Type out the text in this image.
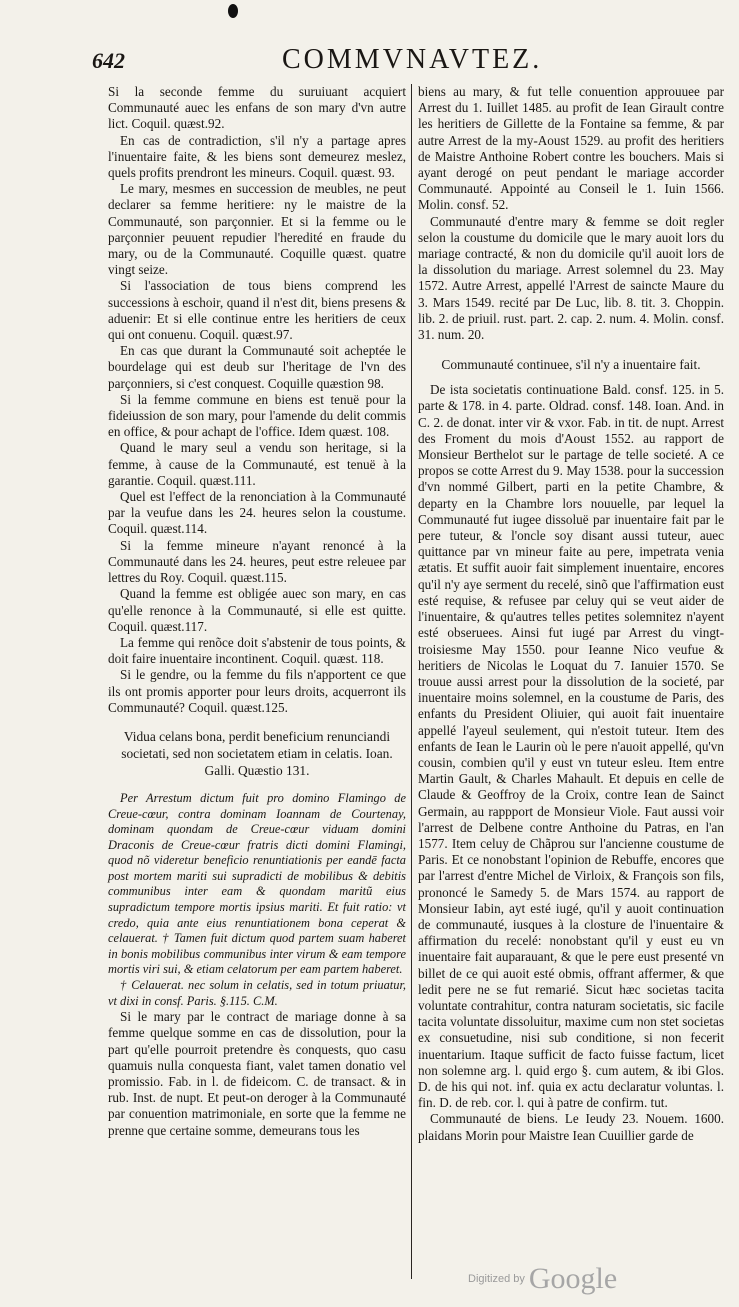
642	COMMVNAVTEZ.

Si la seconde femme du suruiuant acquiert Communauté auec les enfans de son mary d'vn autre lict. Coquil. quæst.92.

En cas de contradiction, s'il n'y a partage apres l'inuentaire faite, & les biens sont demeurez meslez, quels profits prendront les mineurs. Coquil. quæst. 93.

Le mary, mesmes en succession de meubles, ne peut declarer sa femme heritiere: ny le maistre de la Communauté, son parçonnier. Et si la femme ou le parçonnier peuuent repudier l'heredité en fraude du mary, ou de la Communauté. Coquille quæst. quatre vingt seize.

Si l'association de tous biens comprend les successions à eschoir, quand il n'est dit, biens presens & aduenir: Et si elle continue entre les heritiers de ceux qui ont conuenu. Coquil. quæst.97.

En cas que durant la Communauté soit acheptée le bourdelage qui est deub sur l'heritage de l'vn des parçonniers, si c'est conquest. Coquille quæstion 98.

Si la femme commune en biens est tenuë pour la fideiussion de son mary, pour l'amende du delit commis en office, & pour achapt de l'office. Idem quæst. 108.

Quand le mary seul a vendu son heritage, si la femme, à cause de la Communauté, est tenuë à la garantie. Coquil. quæst.111.

Quel est l'effect de la renonciation à la Communauté par la veufue dans les 24. heures selon la coustume. Coquil. quæst.114.

Si la femme mineure n'ayant renoncé à la Communauté dans les 24. heures, peut estre releuee par lettres du Roy. Coquil. quæst.115.

Quand la femme est obligée auec son mary, en cas qu'elle renonce à la Communauté, si elle est quitte. Coquil. quæst.117.

La femme qui renõce doit s'abstenir de tous points, & doit faire inuentaire incontinent. Coquil. quæst. 118.

Si le gendre, ou la femme du fils n'apportent ce que ils ont promis apporter pour leurs droits, acquerront ils Communauté? Coquil. quæst.125.

Vidua celans bona, perdit beneficium renunciandi societati, sed non societatem etiam in celatis. Ioan. Galli. Quæstio 131.

Per Arrestum dictum fuit pro domino Flamingo de Creue-cœur, contra dominam Ioannam de Courtenay, dominam quondam de Creue-cœur viduam domini Draconis de Creue-cœur fratris dicti domini Flamingi, quod nõ videretur beneficio renuntiationis per eandē facta post mortem mariti sui supradicti de mobilibus & debitis communibus inter eam & quondam maritũ eius supradictum tempore mortis ipsius mariti. Et fuit ratio: vt credo, quia ante eius renuntiationem bona ceperat & celauerat. † Tamen fuit dictum quod partem suam haberet in bonis mobilibus communibus inter virum & eam tempore mortis viri sui, & etiam celatorum per eam partem haberet.

† Celauerat. nec solum in celatis, sed in totum priuatur, vt dixi in consf. Paris. §.115. C.M.

Si le mary par le contract de mariage donne à sa femme quelque somme en cas de dissolution, pour la part qu'elle pourroit pretendre ès conquests, quo casu quamuis nulla conquesta fiant, valet tamen donatio vel promissio. Fab. in l. de fideicom. C. de transact. & in rub. Inst. de nupt. Et peut-on deroger à la Communauté par conuention matrimoniale, en sorte que la femme ne prenne que certaine somme, demeurans tous les

biens au mary, & fut telle conuention approuuee par Arrest du 1. Iuillet 1485. au profit de Iean Girault contre les heritiers de Gillette de la Fontaine sa femme, & par autre Arrest de la my-Aoust 1529. au profit des heritiers de Maistre Anthoine Robert contre les bouchers. Mais si ayant derogé on peut pendant le mariage accorder Communauté. Appointé au Conseil le 1. Iuin 1566. Molin. consf. 52.

Communauté d'entre mary & femme se doit regler selon la coustume du domicile que le mary auoit lors du mariage contracté, & non du domicile qu'il auoit lors de la dissolution du mariage. Arrest solemnel du 23. May 1572. Autre Arrest, appellé l'Arrest de saincte Maure du 3. Mars 1549. recité par De Luc, lib. 8. tit. 3. Choppin. lib. 2. de priuil. rust. part. 2. cap. 2. num. 4. Molin. consf. 31. num. 20.

Communauté continuee, s'il n'y a inuentaire fait.

De ista societatis continuatione Bald. consf. 125. in 5. parte & 178. in 4. parte. Oldrad. consf. 148. Ioan. And. in C. 2. de donat. inter vir & vxor. Fab. in tit. de nupt. Arrest des Froment du mois d'Aoust 1552. au rapport de Monsieur Berthelot sur le partage de telle societé. A ce propos se cotte Arrest du 9. May 1538. pour la succession d'vn nommé Gilbert, parti en la petite Chambre, & departy en la Chambre lors nouuelle, par lequel la Communauté fut iugee dissoluë par inuentaire fait par le pere tuteur, & l'oncle soy disant aussi tuteur, auec quittance par vn mineur faite au pere, impetrata venia ætatis. Et suffit auoir fait simplement inuentaire, encores qu'il n'y aye serment du recelé, sinõ que l'affirmation eust esté requise, & refusee par celuy qui se veut aider de l'inuentaire, & qu'autres telles petites solemnitez n'ayent esté obseruees. Ainsi fut iugé par Arrest du vingt-troisiesme May 1550. pour Ieanne Nico veufue & heritiers de Nicolas le Loquat du 7. Ianuier 1570. Se trouue aussi arrest pour la dissolution de la societé, par inuentaire moins solemnel, en la coustume de Paris, des enfants du President Oliuier, qui auoit fait inuentaire appellé l'ayeul seulement, qui n'estoit tuteur. Item des enfants de Iean le Laurin où le pere n'auoit appellé, qu'vn cousin, combien qu'il y eust vn tuteur esleu. Item entre Martin Gault, & Charles Mahault. Et depuis en celle de Claude & Geoffroy de la Croix, contre Iean de Sainct Germain, au rappport de Monsieur Viole. Faut aussi voir l'arrest de Delbene contre Anthoine du Patras, en l'an 1577. Item celuy de Chãprou sur l'ancienne coustume de Paris. Et ce nonobstant l'opinion de Rebuffe, encores que par l'arrest d'entre Michel de Virloix, & François son fils, prononcé le Samedy 5. de Mars 1574. au rapport de Monsieur Iabin, ayt esté iugé, qu'il y auoit continuation de communauté, iusques à la closture de l'inuentaire & affirmation du recelé: nonobstant qu'il y eust eu vn inuentaire fait auparauant, & que le pere eust presenté vn billet de ce qui auoit esté obmis, offrant affermer, & que ledit pere ne se fut remarié. Sicut hæc societas tacita voluntate contrahitur, contra naturam societatis, sic facile tacita voluntate dissoluitur, maxime cum non stet societas ex consuetudine, nisi sub conditione, si non fecerit inuentarium. Itaque sufficit de facto fuisse factum, licet non solemne arg. l. quid ergo §. cum autem, & ibi Glos. D. de his qui not. inf. quia ex actu declaratur voluntas. l. fin. D. de reb. cor. l. qui à patre de confirm. tut.

Communauté de biens. Le Ieudy 23. Nouem. 1600. plaidans Morin pour Maistre Iean Cuuillier garde de

Digitized by Google
